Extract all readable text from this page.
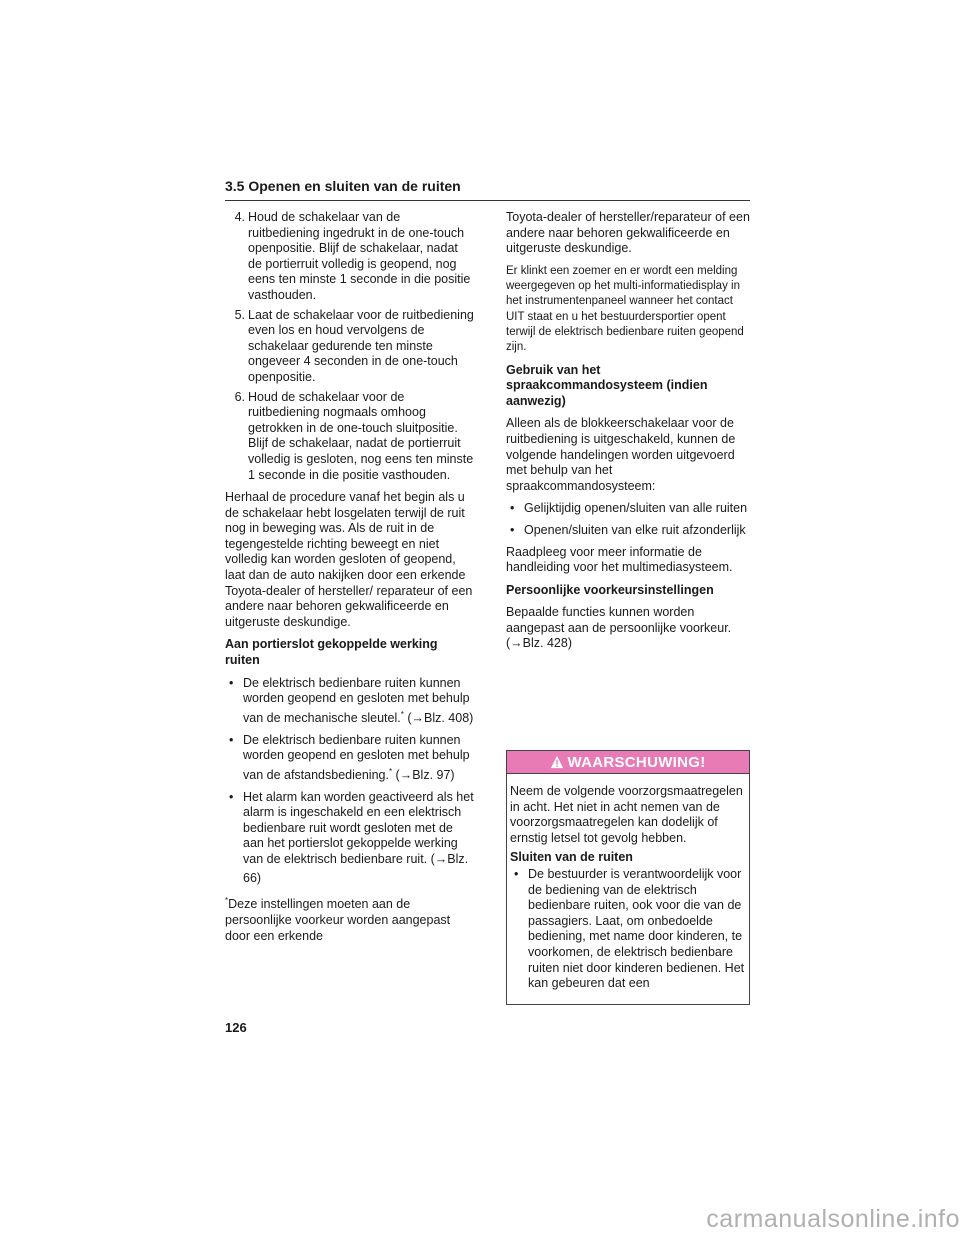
3.5 Openen en sluiten van de ruiten
4. Houd de schakelaar van de ruitbediening ingedrukt in de one-touch openpositie. Blijf de schakelaar, nadat de portierruit volledig is geopend, nog eens ten minste 1 seconde in die positie vasthouden.
5. Laat de schakelaar voor de ruitbediening even los en houd vervolgens de schakelaar gedurende ten minste ongeveer 4 seconden in de one-touch openpositie.
6. Houd de schakelaar voor de ruitbediening nogmaals omhoog getrokken in de one-touch sluitpositie. Blijf de schakelaar, nadat de portierruit volledig is gesloten, nog eens ten minste 1 seconde in die positie vasthouden.

Herhaal de procedure vanaf het begin als u de schakelaar hebt losgelaten terwijl de ruit nog in beweging was. Als de ruit in de tegengestelde richting beweegt en niet volledig kan worden gesloten of geopend, laat dan de auto nakijken door een erkende Toyota-dealer of hersteller/ reparateur of een andere naar behoren gekwalificeerde en uitgeruste deskundige.

Aan portierslot gekoppelde werking ruiten
• De elektrisch bedienbare ruiten kunnen worden geopend en gesloten met behulp van de mechanische sleutel.* (→Blz. 408)
• De elektrisch bedienbare ruiten kunnen worden geopend en gesloten met behulp van de afstandsbediening.* (→Blz. 97)
• Het alarm kan worden geactiveerd als het alarm is ingeschakeld en een elektrisch bedienbare ruit wordt gesloten met de aan het portierslot gekoppelde werking van de elektrisch bedienbare ruit. (→Blz. 66)

*Deze instellingen moeten aan de persoonlijke voorkeur worden aangepast door een erkende

Toyota-dealer of hersteller/reparateur of een andere naar behoren gekwalificeerde en uitgeruste deskundige.

Er klinkt een zoemer en er wordt een melding weergegeven op het multi-informatiedisplay in het instrumentenpaneel wanneer het contact UIT staat en u het bestuurdersportier opent terwijl de elektrisch bedienbare ruiten geopend zijn.

Gebruik van het spraakcommandosysteem (indien aanwezig)

Alleen als de blokkeerschakelaar voor de ruitbediening is uitgeschakeld, kunnen de volgende handelingen worden uitgevoerd met behulp van het spraakcommandosysteem:

• Gelijktijdig openen/sluiten van alle ruiten
• Openen/sluiten van elke ruit afzonderlijk

Raadpleeg voor meer informatie de handleiding voor het multimediasysteem.

Persoonlijke voorkeursinstellingen

Bepaalde functies kunnen worden aangepast aan de persoonlijke voorkeur. (→Blz. 428)

WAARSCHUWING!

Neem de volgende voorzorgsmaatregelen in acht. Het niet in acht nemen van de voorzorgsmaatregelen kan dodelijk of ernstig letsel tot gevolg hebben.

Sluiten van de ruiten
• De bestuurder is verantwoordelijk voor de bediening van de elektrisch bedienbare ruiten, ook voor die van de passagiers. Laat, om onbedoelde bediening, met name door kinderen, te voorkomen, de elektrisch bedienbare ruiten niet door kinderen bedienen. Het kan gebeuren dat een
126
carmanualsonline.info
